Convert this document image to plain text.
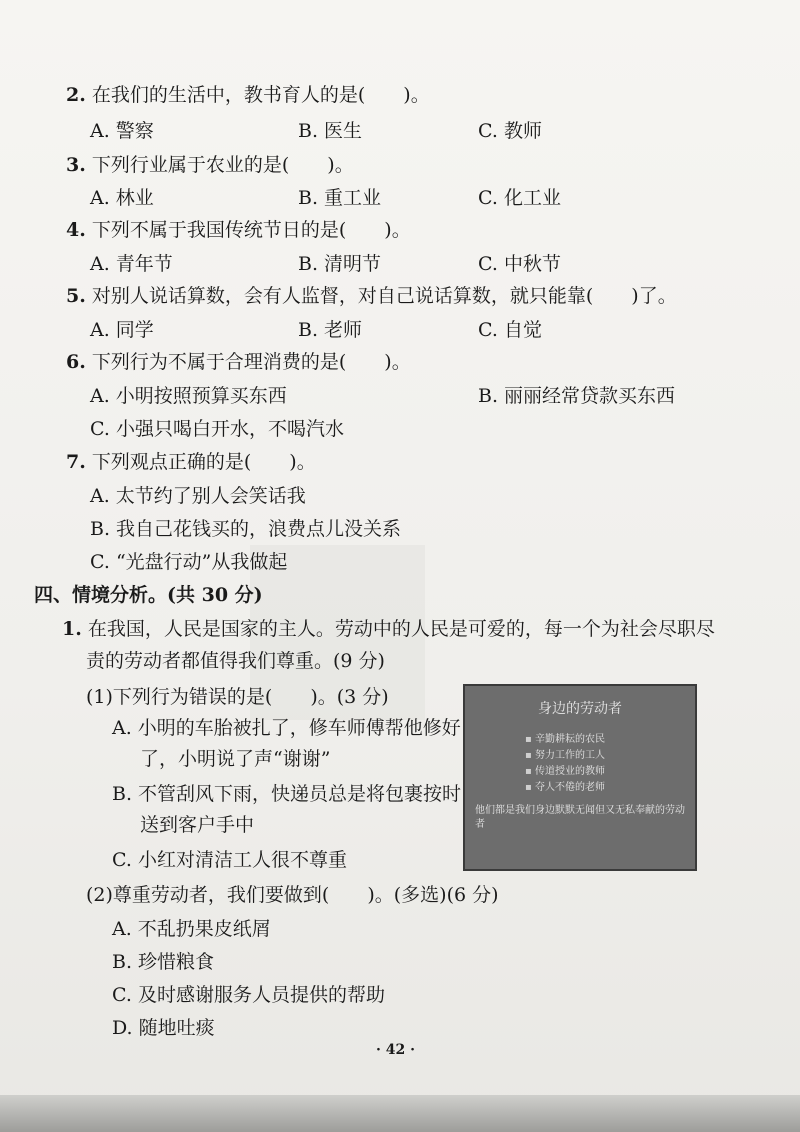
2. 在我们的生活中，教书育人的是(　　)。
A. 警察	B. 医生	C. 教师
3. 下列行业属于农业的是(　　)。
A. 林业	B. 重工业	C. 化工业
4. 下列不属于我国传统节日的是(　　)。
A. 青年节	B. 清明节	C. 中秋节
5. 对别人说话算数，会有人监督，对自己说话算数，就只能靠(　　)了。
A. 同学	B. 老师	C. 自觉
6. 下列行为不属于合理消费的是(　　)。
A. 小明按照预算买东西	B. 丽丽经常贷款买东西
C. 小强只喝白开水，不喝汽水
7. 下列观点正确的是(　　)。
A. 太节约了别人会笑话我
B. 我自己花钱买的，浪费点儿没关系
C. “光盘行动”从我做起
四、情境分析。(共 30 分)
1. 在我国，人民是国家的主人。劳动中的人民是可爱的，每一个为社会尽职尽
责的劳动者都值得我们尊重。(9 分)
(1)下列行为错误的是(　　)。(3 分)
A. 小明的车胎被扎了，修车师傅帮他修好
了，小明说了声“谢谢”
B. 不管刮风下雨，快递员总是将包裹按时
送到客户手中
C. 小红对清洁工人很不尊重
身边的劳动者
▪ 辛勤耕耘的农民
▪ 努力工作的工人
▪ 传道授业的教师
▪ 夺人不倦的老师
他们都是我们身边默默无闻但又无私奉献的劳动者
(2)尊重劳动者，我们要做到(　　)。(多选)(6 分)
A. 不乱扔果皮纸屑
B. 珍惜粮食
C. 及时感谢服务人员提供的帮助
D. 随地吐痰
· 42 ·
